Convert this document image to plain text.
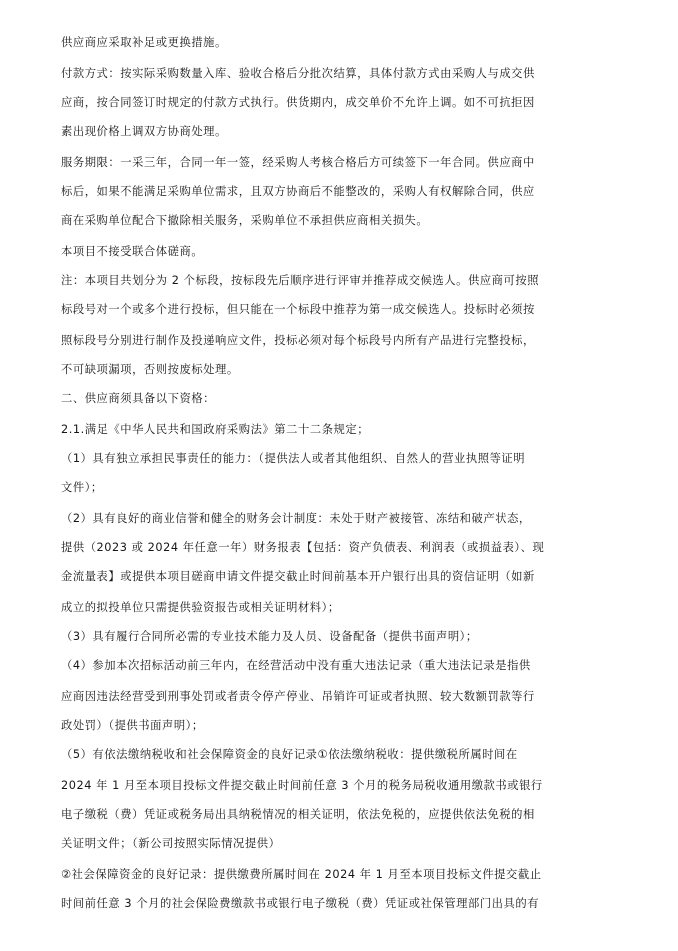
供应商应采取补足或更换措施。

付款方式：按实际采购数量入库、验收合格后分批次结算，具体付款方式由采购人与成交供

应商，按合同签订时规定的付款方式执行。供货期内，成交单价不允许上调。如不可抗拒因

素出现价格上调双方协商处理。

服务期限：一采三年，合同一年一签，经采购人考核合格后方可续签下一年合同。供应商中

标后，如果不能满足采购单位需求，且双方协商后不能整改的，采购人有权解除合同，供应

商在采购单位配合下撤除相关服务，采购单位不承担供应商相关损失。

本项目不接受联合体磋商。

注：本项目共划分为 2 个标段，按标段先后顺序进行评审并推荐成交候选人。供应商可按照

标段号对一个或多个进行投标，但只能在一个标段中推荐为第一成交候选人。投标时必须按

照标段号分别进行制作及投递响应文件，投标必须对每个标段号内所有产品进行完整投标，

不可缺项漏项，否则按废标处理。

二、供应商须具备以下资格：

2.1.满足《中华人民共和国政府采购法》第二十二条规定；

（1）具有独立承担民事责任的能力：（提供法人或者其他组织、自然人的营业执照等证明

文件）；

（2）具有良好的商业信誉和健全的财务会计制度：未处于财产被接管、冻结和破产状态，

提供（2023 或 2024 年任意一年）财务报表【包括：资产负债表、利润表（或损益表）、现

金流量表】或提供本项目磋商申请文件提交截止时间前基本开户银行出具的资信证明（如新

成立的拟投单位只需提供验资报告或相关证明材料）；

（3）具有履行合同所必需的专业技术能力及人员、设备配备（提供书面声明）；

（4）参加本次招标活动前三年内，在经营活动中没有重大违法记录（重大违法记录是指供

应商因违法经营受到刑事处罚或者责令停产停业、吊销许可证或者执照、较大数额罚款等行

政处罚）（提供书面声明）；

（5）有依法缴纳税收和社会保障资金的良好记录①依法缴纳税收：提供缴税所属时间在

2024 年 1 月至本项目投标文件提交截止时间前任意 3 个月的税务局税收通用缴款书或银行

电子缴税（费）凭证或税务局出具纳税情况的相关证明，依法免税的，应提供依法免税的相

关证明文件；（新公司按照实际情况提供）

②社会保障资金的良好记录：提供缴费所属时间在 2024 年 1 月至本项目投标文件提交截止

时间前任意 3 个月的社会保险费缴款书或银行电子缴税（费）凭证或社保管理部门出具的有
